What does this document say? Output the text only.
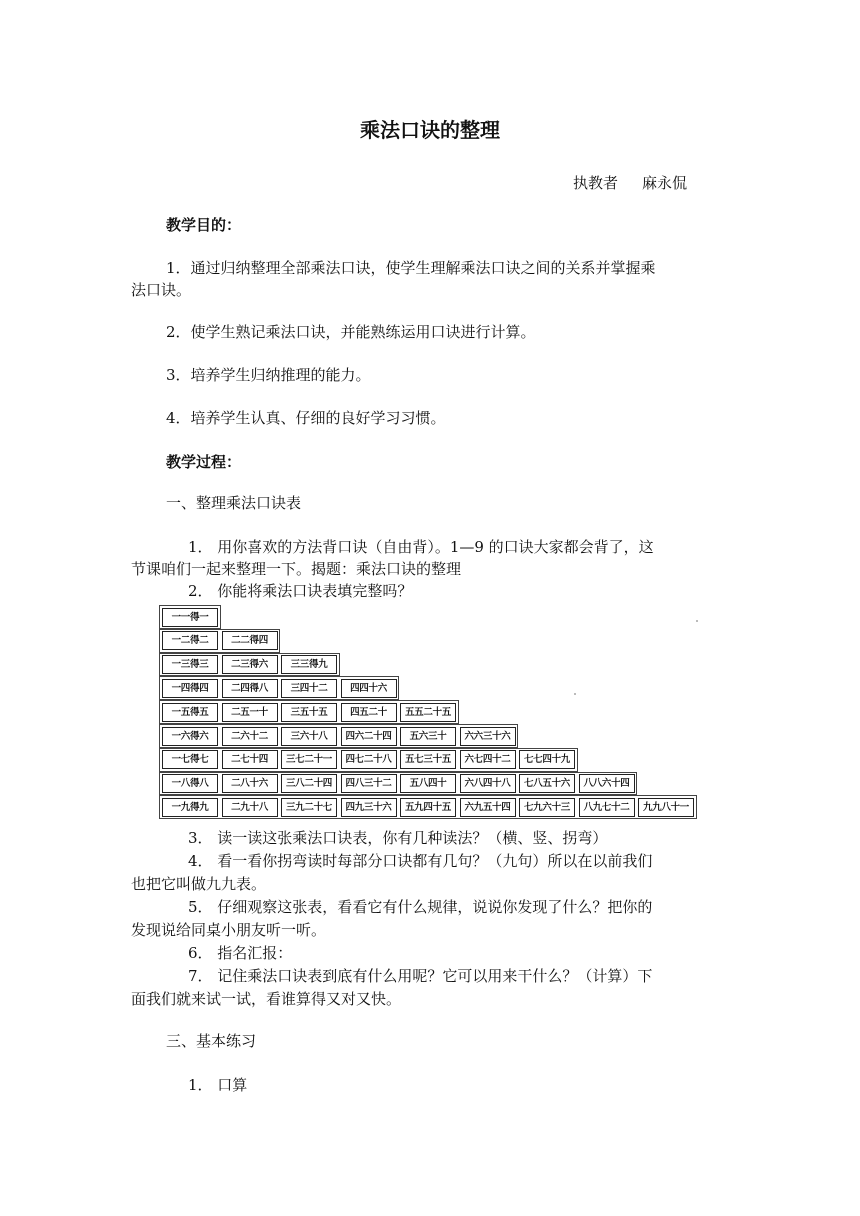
乘法口诀的整理
执教者 麻永侃
教学目的：
1．通过归纳整理全部乘法口诀，使学生理解乘法口诀之间的关系并掌握乘
法口诀。
2．使学生熟记乘法口诀，并能熟练运用口诀进行计算。
3．培养学生归纳推理的能力。
4．培养学生认真、仔细的良好学习习惯。
教学过程：
一、整理乘法口诀表
1． 用你喜欢的方法背口诀（自由背）。1—9 的口诀大家都会背了，这
节课咱们一起来整理一下。揭题：乘法口诀的整理
2． 你能将乘法口诀表填完整吗？
一一得一
一二得二	二二得四
一三得三	二三得六	三三得九
一四得四	二四得八	三四十二	四四十六
一五得五	二五一十	三五十五	四五二十	五五二十五
一六得六	二六十二	三六十八	四六二十四	五六三十	六六三十六
一七得七	二七十四	三七二十一	四七二十八	五七三十五	六七四十二	七七四十九
一八得八	二八十六	三八二十四	四八三十二	五八四十	六八四十八	七八五十六	八八六十四
一九得九	二九十八	三九二十七	四九三十六	五九四十五	六九五十四	七九六十三	八九七十二	九九八十一
3． 读一读这张乘法口诀表，你有几种读法？（横、竖、拐弯）
4． 看一看你拐弯读时每部分口诀都有几句？（九句）所以在以前我们
也把它叫做九九表。
5． 仔细观察这张表，看看它有什么规律，说说你发现了什么？把你的
发现说给同桌小朋友听一听。
6． 指名汇报：
7． 记住乘法口诀表到底有什么用呢？它可以用来干什么？（计算）下
面我们就来试一试，看谁算得又对又快。
三、基本练习
1． 口算
